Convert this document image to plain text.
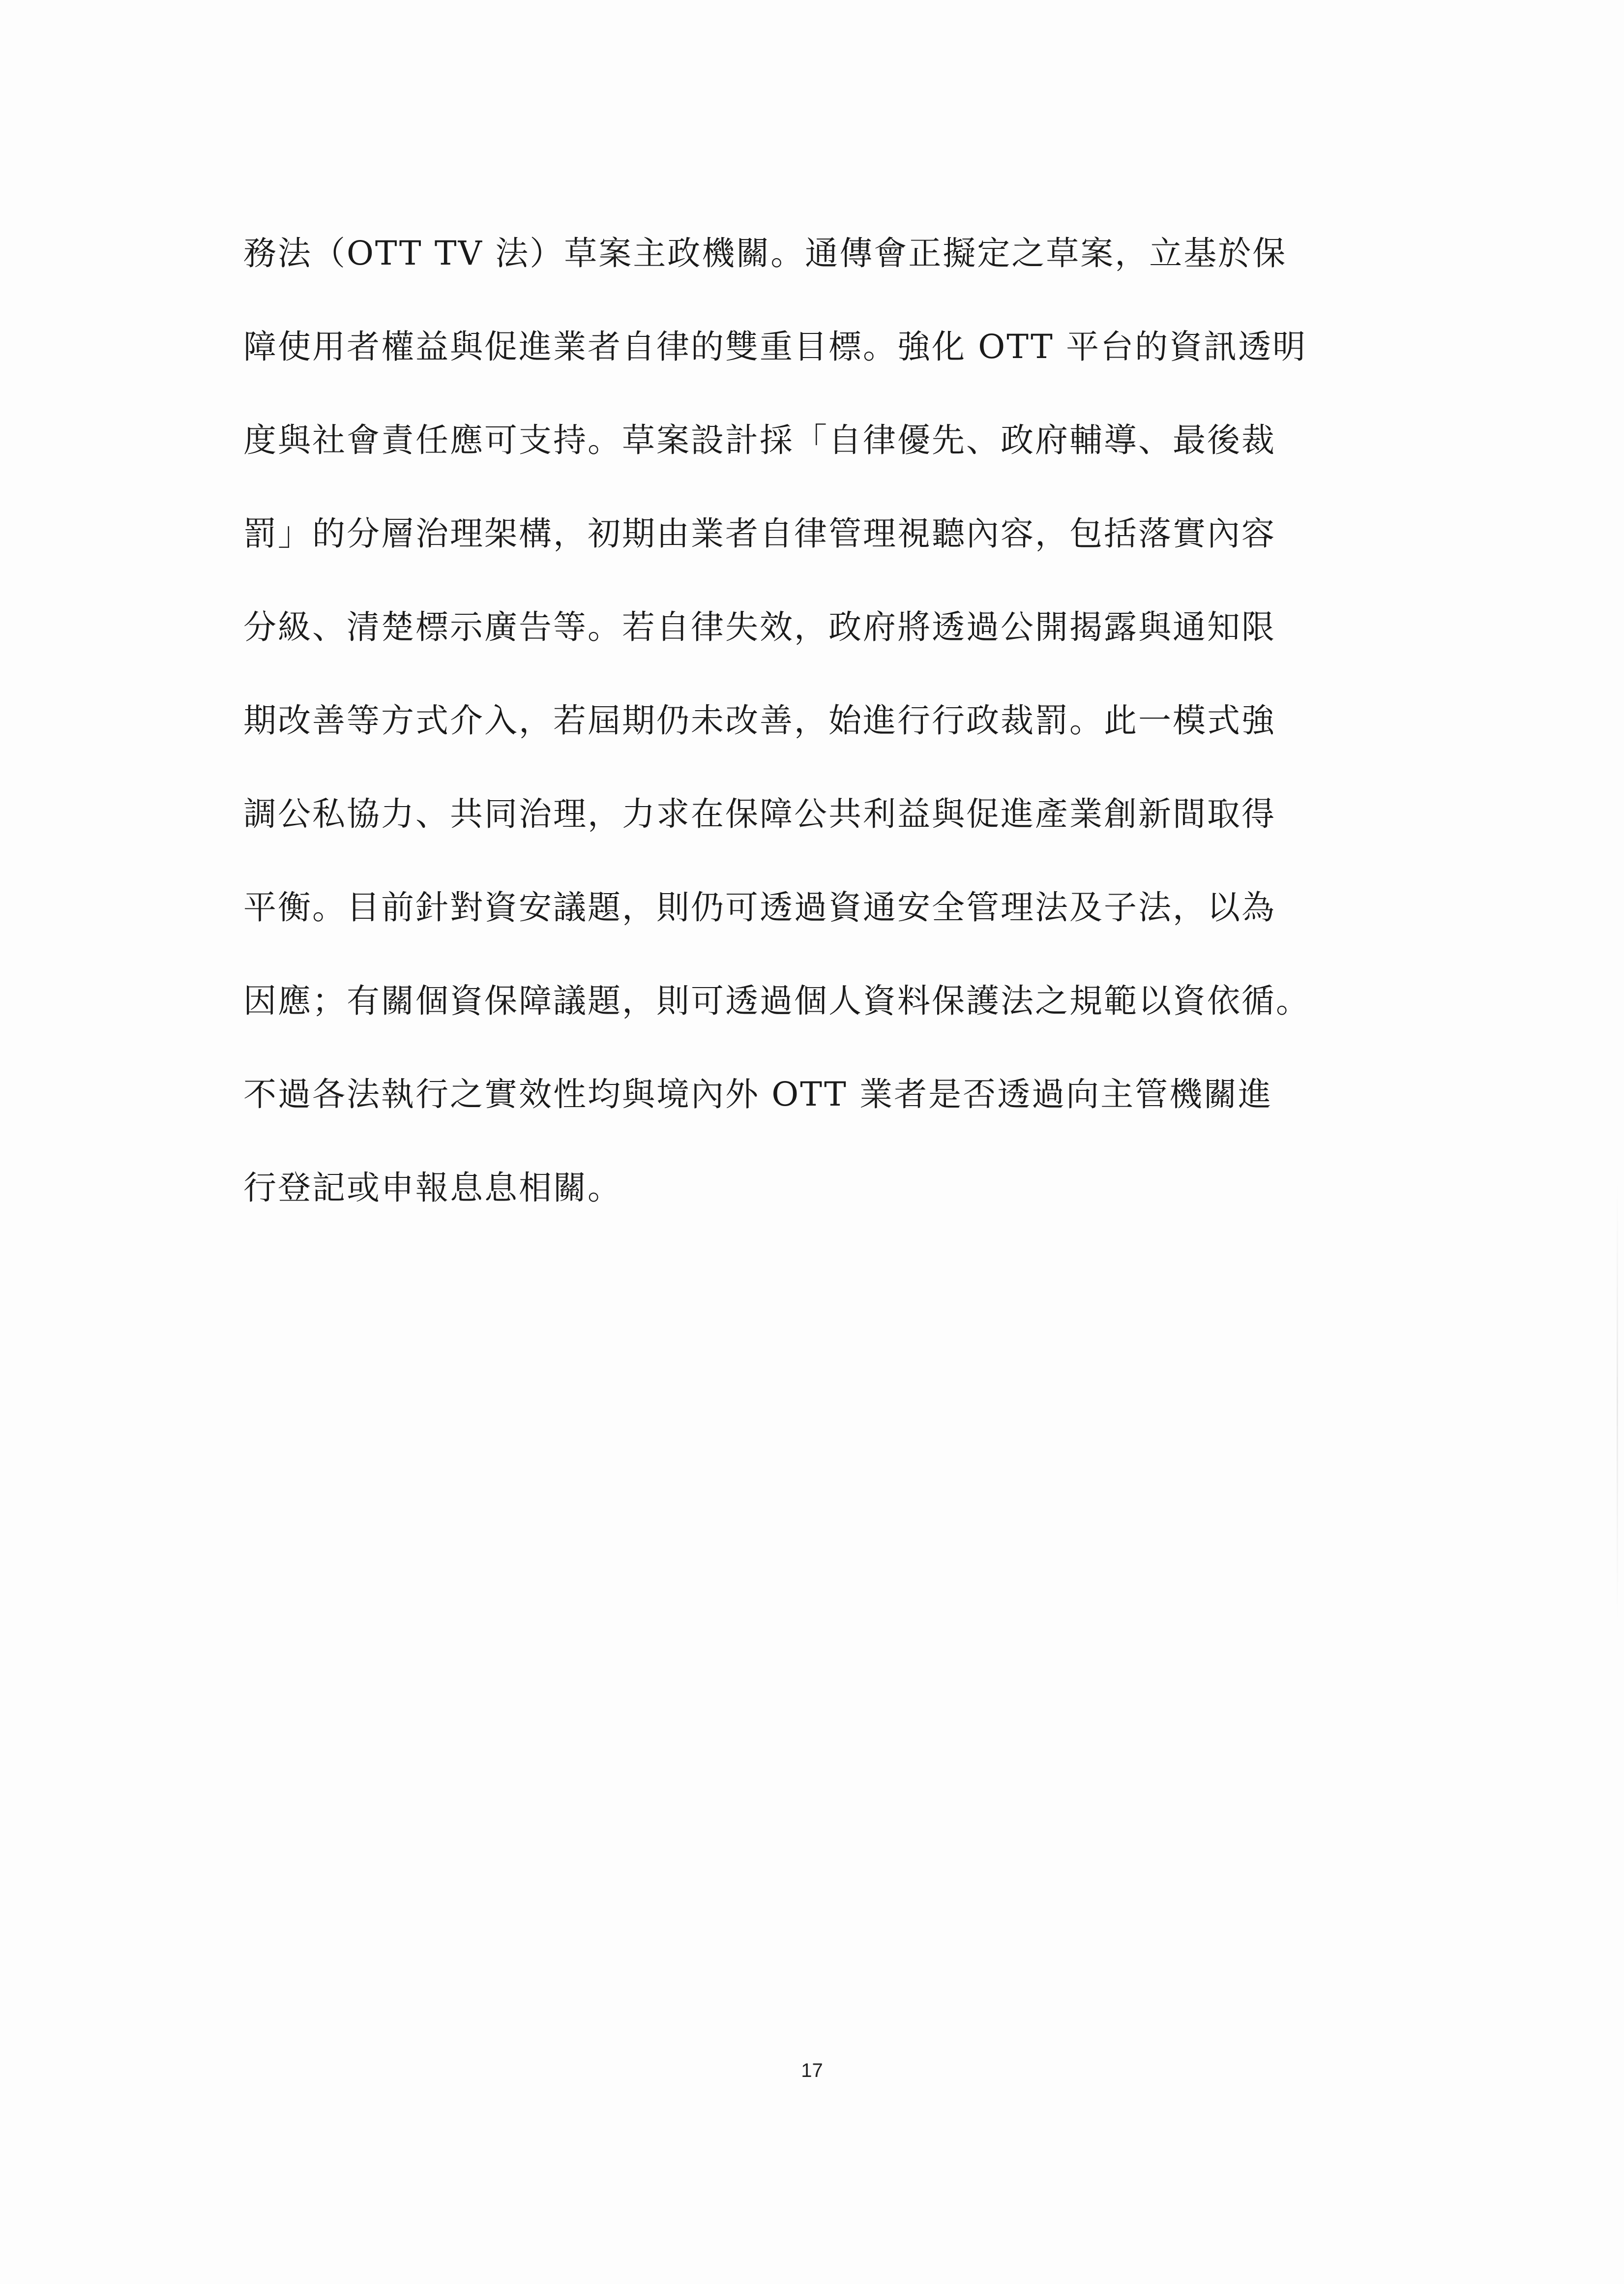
務法（OTT TV 法）草案主政機關。通傳會正擬定之草案，立基於保
障使用者權益與促進業者自律的雙重目標。強化 OTT 平台的資訊透明
度與社會責任應可支持。草案設計採「自律優先、政府輔導、最後裁
罰」的分層治理架構，初期由業者自律管理視聽內容，包括落實內容
分級、清楚標示廣告等。若自律失效，政府將透過公開揭露與通知限
期改善等方式介入，若屆期仍未改善，始進行行政裁罰。此一模式強
調公私協力、共同治理，力求在保障公共利益與促進產業創新間取得
平衡。目前針對資安議題，則仍可透過資通安全管理法及子法，以為
因應；有關個資保障議題，則可透過個人資料保護法之規範以資依循。
不過各法執行之實效性均與境內外 OTT 業者是否透過向主管機關進
行登記或申報息息相關。
17
